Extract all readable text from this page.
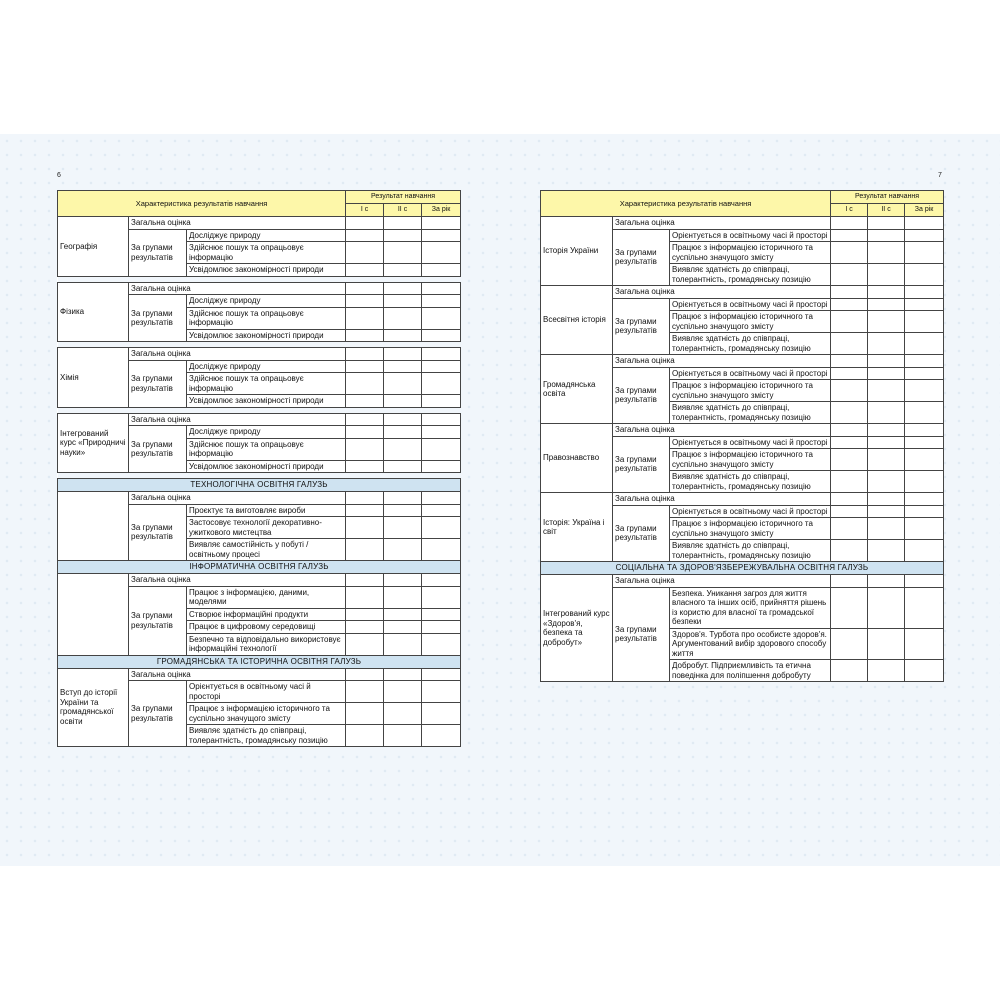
6	7
Характеристика результатів навчання			Результат навчання		
			І с	ІІ с	За рік
Географія	Загальна оцінка				
	За групами результатів	Досліджує природу			
		Здійснює пошук та опрацьовує інформацію			
		Усвідомлює закономірності природи			

Фізика	Загальна оцінка				
	За групами результатів	Досліджує природу			
		Здійснює пошук та опрацьовує інформацію			
		Усвідомлює закономірності природи			

Хімія	Загальна оцінка				
	За групами результатів	Досліджує природу			
		Здійснює пошук та опрацьовує інформацію			
		Усвідомлює закономірності природи			

Інтегрований курс «Природничі науки»	Загальна оцінка				
	За групами результатів	Досліджує природу			
		Здійснює пошук та опрацьовує інформацію			
		Усвідомлює закономірності природи			

ТЕХНОЛОГІЧНА ОСВІТНЯ ГАЛУЗЬ					
	Загальна оцінка				
	За групами результатів	Проєктує та виготовляє вироби			
		Застосовує технології декоративно-ужиткового мистецтва			
		Виявляє самостійність у побуті / освітньому процесі			
ІНФОРМАТИЧНА ОСВІТНЯ ГАЛУЗЬ					
	Загальна оцінка				
	За групами результатів	Працює з інформацією, даними, моделями			
		Створює інформаційні продукти			
		Працює в цифровому середовищі			
		Безпечно та відповідально використовує інформаційні технології			
ГРОМАДЯНСЬКА ТА ІСТОРИЧНА ОСВІТНЯ ГАЛУЗЬ					
Вступ до історії України та громадянської освіти	Загальна оцінка				
	За групами результатів	Орієнтується в освітньому часі й просторі			
		Працює з інформацією історичного та суспільно значущого змісту			
		Виявляє здатність до співпраці, толерантність, громадянську позицію			
Характеристика результатів навчання			Результат навчання		
			І с	ІІ с	За рік
Історія України	Загальна оцінка				
	За групами результатів	Орієнтується в освітньому часі й просторі			
		Працює з інформацією історичного та суспільно значущого змісту			
		Виявляє здатність до співпраці, толерантність, громадянську позицію			
Всесвітня історія	Загальна оцінка				
	За групами результатів	Орієнтується в освітньому часі й просторі			
		Працює з інформацією історичного та суспільно значущого змісту			
		Виявляє здатність до співпраці, толерантність, громадянську позицію			
Громадянська освіта	Загальна оцінка				
	За групами результатів	Орієнтується в освітньому часі й просторі			
		Працює з інформацією історичного та суспільно значущого змісту			
		Виявляє здатність до співпраці, толерантність, громадянську позицію			
Правознавство	Загальна оцінка				
	За групами результатів	Орієнтується в освітньому часі й просторі			
		Працює з інформацією історичного та суспільно значущого змісту			
		Виявляє здатність до співпраці, толерантність, громадянську позицію			
Історія: Україна і світ	Загальна оцінка				
	За групами результатів	Орієнтується в освітньому часі й просторі			
		Працює з інформацією історичного та суспільно значущого змісту			
		Виявляє здатність до співпраці, толерантність, громадянську позицію			
СОЦІАЛЬНА ТА ЗДОРОВ'ЯЗБЕРЕЖУВАЛЬНА ОСВІТНЯ ГАЛУЗЬ					
Інтегрований курс «Здоров'я, безпека та добробут»	Загальна оцінка				
	За групами результатів	Безпека. Уникання загроз для життя власного та інших осіб, прийняття рішень із користю для власної та громадської безпеки			
		Здоров'я. Турбота про особисте здоров'я. Аргументований вибір здорового способу життя			
		Добробут. Підприємливість та етична поведінка для поліпшення добробуту			
